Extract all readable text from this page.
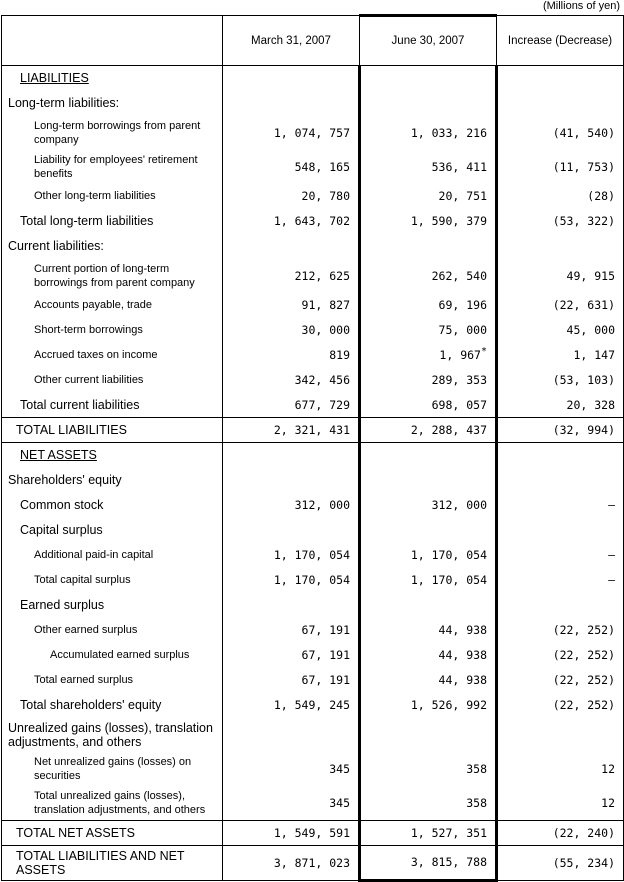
(Millions of yen)
	March 31, 2007	June 30, 2007	Increase (Decrease)

LIABILITIES			

Long-term liabilities:			

Long-term borrowings from parent company	1, 074, 757	1, 033, 216	(41, 540)

Liability for employees' retirement benefits	548, 165	536, 411	(11, 753)

Other long-term liabilities	20, 780	20, 751	(28)

Total long-term liabilities	1, 643, 702	1, 590, 379	(53, 322)

Current liabilities:			

Current portion of long-term borrowings from parent company	212, 625	262, 540	49, 915

Accounts payable, trade	91, 827	69, 196	(22, 631)

Short-term borrowings	30, 000	75, 000	45, 000

Accrued taxes on income	819	1, 967*	1, 147

Other current liabilities	342, 456	289, 353	(53, 103)

Total current liabilities	677, 729	698, 057	20, 328

TOTAL LIABILITIES	2, 321, 431	2, 288, 437	(32, 994)

NET ASSETS			

Shareholders' equity			

Common stock	312, 000	312, 000	–

Capital surplus			

Additional paid-in capital	1, 170, 054	1, 170, 054	–

Total capital surplus	1, 170, 054	1, 170, 054	–

Earned surplus			

Other earned surplus	67, 191	44, 938	(22, 252)

Accumulated earned surplus	67, 191	44, 938	(22, 252)

Total earned surplus	67, 191	44, 938	(22, 252)

Total shareholders' equity	1, 549, 245	1, 526, 992	(22, 252)

Unrealized gains (losses), translation adjustments, and others			

Net unrealized gains (losses) on securities	345	358	12

Total unrealized gains (losses), translation adjustments, and others	345	358	12

TOTAL NET ASSETS	1, 549, 591	1, 527, 351	(22, 240)

TOTAL LIABILITIES AND NET ASSETS	3, 871, 023	3, 815, 788	(55, 234)
